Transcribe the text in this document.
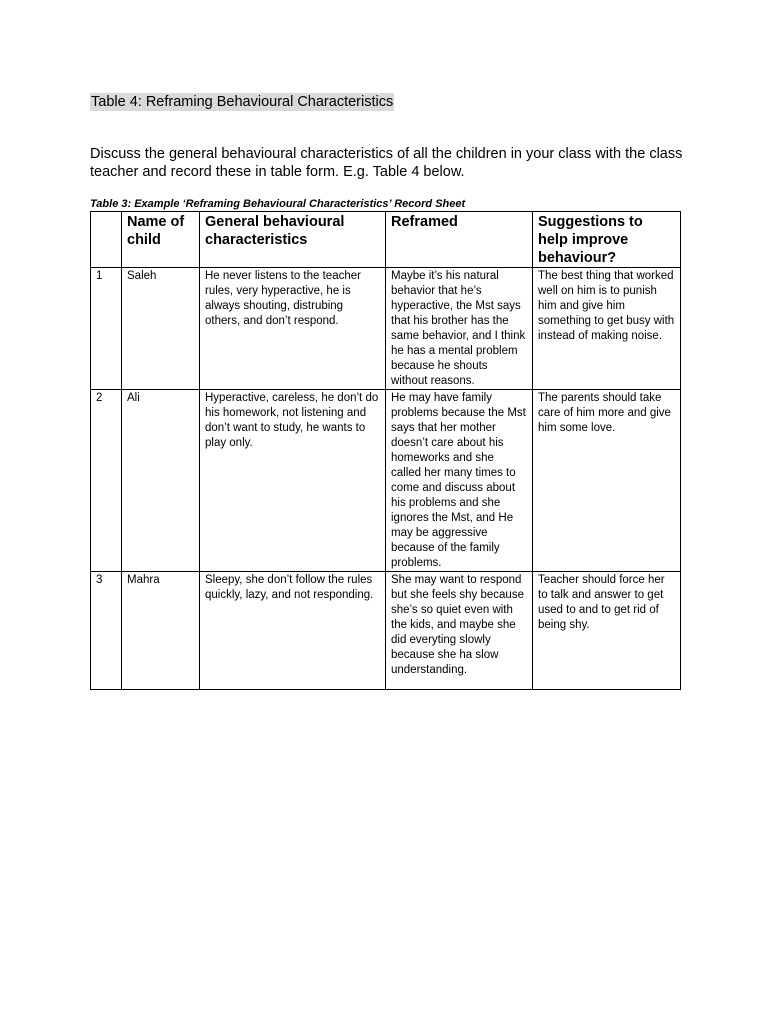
Table 4: Reframing Behavioural Characteristics
Discuss the general behavioural characteristics of all the children in your class with the class teacher and record these in table form. E.g. Table 4 below.
Table 3: Example ‘Reframing Behavioural Characteristics’ Record Sheet
	Name of child	General behavioural characteristics	Reframed	Suggestions to help improve behaviour?
1	Saleh	He never listens to the teacher rules, very hyperactive, he is always shouting, distrubing others, and don’t respond.	Maybe it’s his natural behavior that he’s hyperactive, the Mst says that his brother has the same behavior, and I think he has a mental problem because he shouts without reasons.	The best thing that worked well on him is to punish him and give him something to get busy with instead of making noise.
2	Ali	Hyperactive, careless, he don’t do his homework, not listening and don’t want to study, he wants to play only.	He may have family problems because the Mst says that her mother doesn’t care about his homeworks and she called her many times to come and discuss about his problems and she ignores the Mst, and He may be aggressive because of the family problems.	The parents should take care of him more and give him some love.
3	Mahra	Sleepy, she don’t follow the rules quickly, lazy, and not responding.	She may want to respond but she feels shy because she’s so quiet even with the kids, and maybe she did everyting slowly because she ha slow understanding.	Teacher should force her to talk and answer to get used to and to get rid of being shy.
